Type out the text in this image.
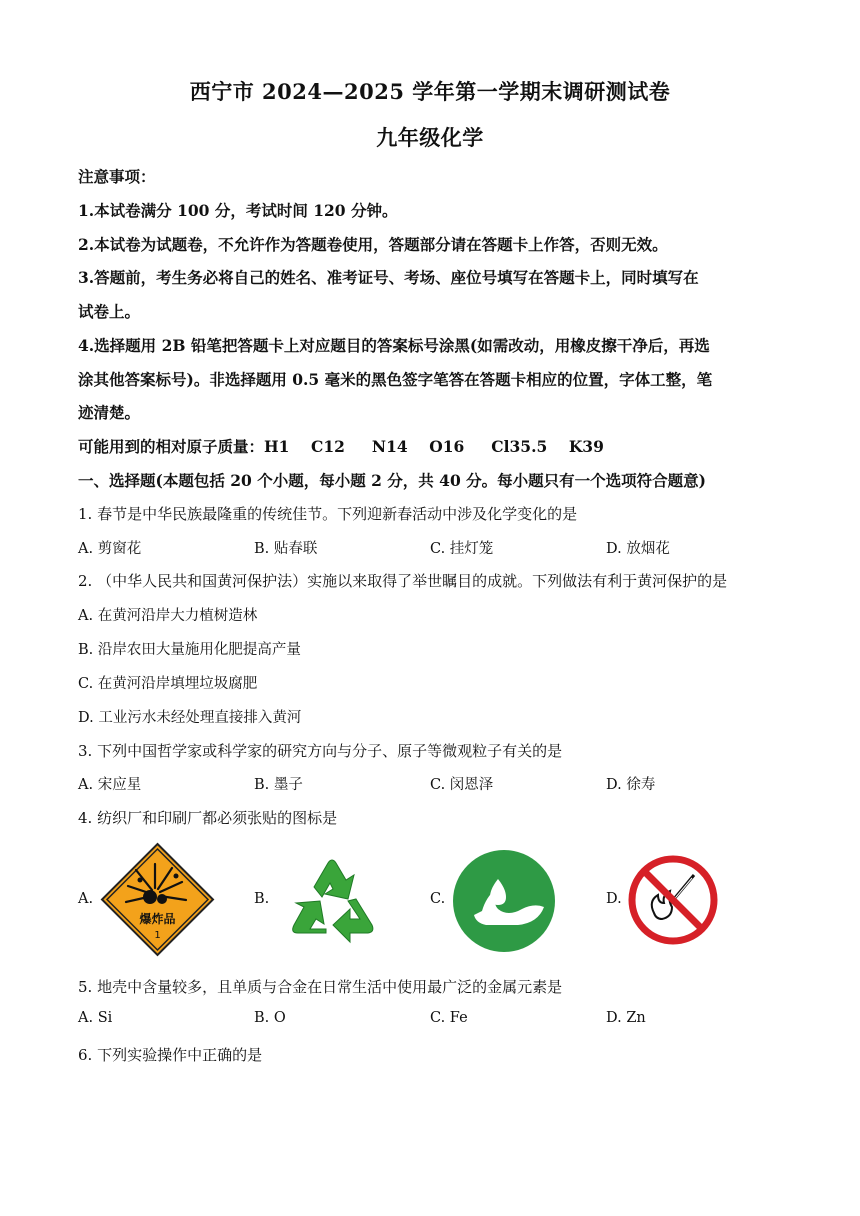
西宁市 2024—2025 学年第一学期末调研测试卷
九年级化学
注意事项：
1.本试卷满分 100 分，考试时间 120 分钟。
2.本试卷为试题卷，不允许作为答题卷使用，答题部分请在答题卡上作答，否则无效。
3.答题前，考生务必将自己的姓名、准考证号、考场、座位号填写在答题卡上，同时填写在
试卷上。
4.选择题用 2B 铅笔把答题卡上对应题目的答案标号涂黑(如需改动，用橡皮擦干净后，再选
涂其他答案标号)。非选择题用 0.5 毫米的黑色签字笔答在答题卡相应的位置，字体工整，笔
迹清楚。
可能用到的相对原子质量：H1    C12     N14    O16     Cl35.5    K39
一、选择题(本题包括 20 个小题，每小题 2 分，共 40 分。每小题只有一个选项符合题意)
1. 春节是中华民族最隆重的传统佳节。下列迎新春活动中涉及化学变化的是
A. 剪窗花	B. 贴春联	C. 挂灯笼	D. 放烟花
2. （中华人民共和国黄河保护法）实施以来取得了举世瞩目的成就。下列做法有利于黄河保护的是
A. 在黄河沿岸大力植树造林
B. 沿岸农田大量施用化肥提高产量
C. 在黄河沿岸填埋垃圾腐肥
D. 工业污水未经处理直接排入黄河
3. 下列中国哲学家或科学家的研究方向与分子、原子等微观粒子有关的是
A. 宋应星	B. 墨子	C. 闵恩泽	D. 徐寿
4. 纺织厂和印刷厂都必须张贴的图标是
A.
爆炸品
1
B.	C.	D.
5. 地壳中含量较多，且单质与合金在日常生活中使用最广泛的金属元素是
A. Si	B. O	C. Fe	D. Zn
6. 下列实验操作中正确的是
